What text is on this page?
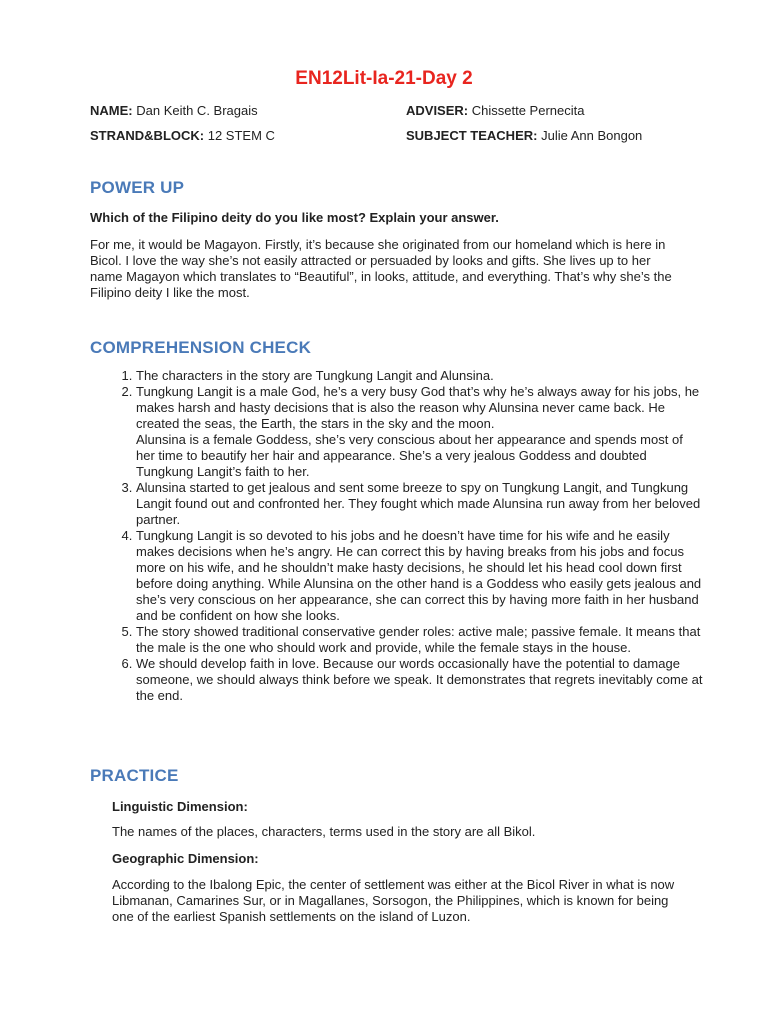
EN12Lit-Ia-21-Day 2
NAME: Dan Keith C. Bragais	ADVISER: Chissette Pernecita
STRAND&BLOCK: 12 STEM C	SUBJECT TEACHER: Julie Ann Bongon
POWER UP
Which of the Filipino deity do you like most? Explain your answer.
For me, it would be Magayon. Firstly, it’s because she originated from our homeland which is here in Bicol. I love the way she’s not easily attracted or persuaded by looks and gifts. She lives up to her name Magayon which translates to “Beautiful”, in looks, attitude, and everything. That’s why she’s the Filipino deity I like the most.
COMPREHENSION CHECK
1. The characters in the story are Tungkung Langit and Alunsina.
2. Tungkung Langit is a male God, he’s a very busy God that’s why he’s always away for his jobs, he makes harsh and hasty decisions that is also the reason why Alunsina never came back. He created the seas, the Earth, the stars in the sky and the moon.
Alunsina is a female Goddess, she’s very conscious about her appearance and spends most of her time to beautify her hair and appearance. She’s a very jealous Goddess and doubted Tungkung Langit’s faith to her.
3. Alunsina started to get jealous and sent some breeze to spy on Tungkung Langit, and Tungkung Langit found out and confronted her. They fought which made Alunsina run away from her beloved partner.
4. Tungkung Langit is so devoted to his jobs and he doesn’t have time for his wife and he easily makes decisions when he’s angry. He can correct this by having breaks from his jobs and focus more on his wife, and he shouldn’t make hasty decisions, he should let his head cool down first before doing anything. While Alunsina on the other hand is a Goddess who easily gets jealous and she’s very conscious on her appearance, she can correct this by having more faith in her husband and be confident on how she looks.
5. The story showed traditional conservative gender roles: active male; passive female. It means that the male is the one who should work and provide, while the female stays in the house.
6. We should develop faith in love. Because our words occasionally have the potential to damage someone, we should always think before we speak. It demonstrates that regrets inevitably come at the end.
PRACTICE
Linguistic Dimension:
The names of the places, characters, terms used in the story are all Bikol.
Geographic Dimension:
According to the Ibalong Epic, the center of settlement was either at the Bicol River in what is now Libmanan, Camarines Sur, or in Magallanes, Sorsogon, the Philippines, which is known for being one of the earliest Spanish settlements on the island of Luzon.
